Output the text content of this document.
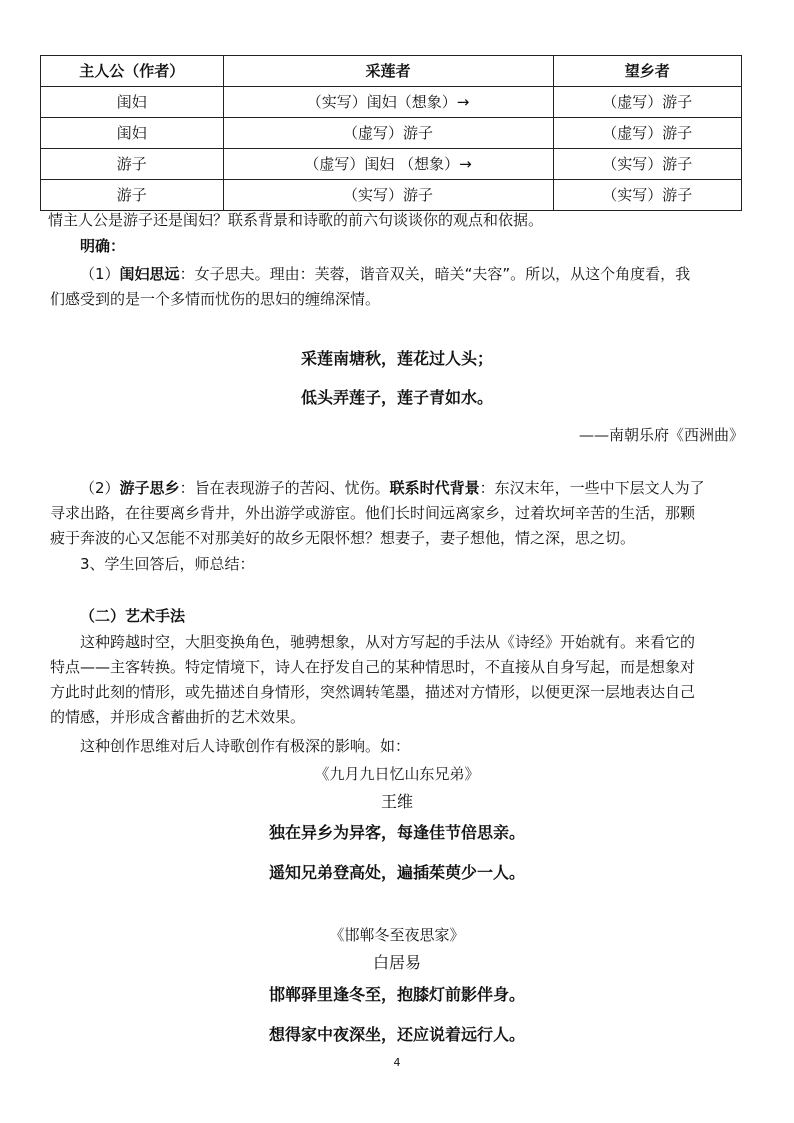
主人公（作者）	采莲者	望乡者
闺妇	（实写）闺妇（想象）→	（虚写）游子
闺妇	（虚写）游子	（虚写）游子
游子	（虚写）闺妇 （想象）→	（实写）游子
游子	（实写）游子	（实写）游子
情主人公是游子还是闺妇？联系背景和诗歌的前六句谈谈你的观点和依据。
明确：
（1）闺妇思远：女子思夫。理由：芙蓉，谐音双关，暗关“夫容”。所以，从这个角度看，我
们感受到的是一个多情而忧伤的思妇的缠绵深情。
采莲南塘秋，莲花过人头；
低头弄莲子，莲子青如水。
——南朝乐府《西洲曲》
（2）游子思乡：旨在表现游子的苦闷、忧伤。联系时代背景：东汉末年，一些中下层文人为了
寻求出路，在往要离乡背井，外出游学或游宦。他们长时间远离家乡，过着坎坷辛苦的生活，那颗
疲于奔波的心又怎能不对那美好的故乡无限怀想？想妻子，妻子想他，情之深，思之切。
3、学生回答后，师总结：
（二）艺术手法
这种跨越时空，大胆变换角色，驰骋想象，从对方写起的手法从《诗经》开始就有。来看它的
特点——主客转换。特定情境下，诗人在抒发自己的某种情思时，不直接从自身写起，而是想象对
方此时此刻的情形，或先描述自身情形，突然调转笔墨，描述对方情形，以便更深一层地表达自己
的情感，并形成含蓄曲折的艺术效果。
这种创作思维对后人诗歌创作有极深的影响。如：
《九月九日忆山东兄弟》
王维
独在异乡为异客，每逢佳节倍思亲。
遥知兄弟登高处，遍插茱萸少一人。
《邯郸冬至夜思家》
白居易
邯郸驿里逢冬至，抱膝灯前影伴身。
想得家中夜深坐，还应说着远行人。
4
